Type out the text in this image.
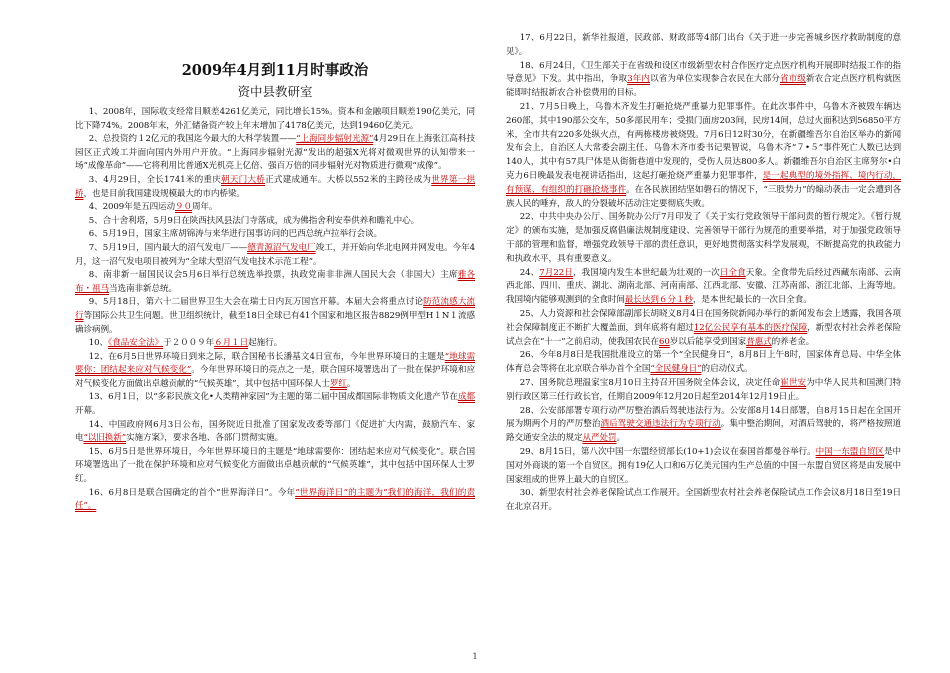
2009年4月到11月时事政治
资中县教研室

1、2008年，国际收支经常目顺差4261亿美元，同比增长15%。资本和金融项目顺差190亿美元，同比下降74%。2008年末，外汇储备资产较上年末增加了4178亿美元，达到19460亿美元。

2、总投资约１2亿元的我国迄今最大的大科学装置——“上海同步辐射光源”4月29日在上海张江高科技园区正式竣工并面向国内外用户开放。“上海同步辐射光源”发出的超强X光将对微观世界的认知带来一场“成像革命”——它将利用比普通X光机亮上亿倍、强百万倍的同步辐射光对物质进行微观“成像”。

3、4月29日，全长1741米的重庆朝天门大桥正式建成通车。大桥以552米的主跨径成为世界第一拱桥，也是目前我国建设规模最大的市内桥梁。

4、2009年是五四运动９０周年。

5、合十舍利塔，5月9日在陕西扶风县法门寺落成，成为佛指舍利安奉供养和瞻礼中心。

6、5月19日，国家主席胡锦涛与来华进行国事访问的巴西总统卢拉举行会谈。

7、5月19日，国内最大的沼气发电厂——德青源沼气发电厂竣工，并开始向华北电网并网发电。今年4月，这一沼气发电项目被列为“全球大型沼气发电技术示范工程”。

8、南非新一届国民议会5月6日举行总统选举投票，执政党南非非洲人国民大会（非国大）主席雅各布・祖马当选南非新总统。

9、5月18日，第六十二届世界卫生大会在瑞士日内瓦万国宫开幕。本届大会将重点讨论防范流感大流行等国际公共卫生问题。世卫组织统计，截至18日全球已有41个国家和地区报告8829例甲型H１N１流感确诊病例。

10、《食品安全法》于２００９年６月１日起施行。

12、在6月5日世界环境日到来之际，联合国秘书长潘基文4日宣布，今年世界环境日的主题是“地球需要你：团结起来应对气候变化”。今年世界环境日的亮点之一是，联合国环境署选出了一批在保护环境和应对气候变化方面做出卓越贡献的“气候英雄”，其中包括中国环保人士罗红。

13、6月1日，以“多彩民族文化•人类精神家园”为主题的第二届中国成都国际非物质文化遗产节在成都开幕。

14、中国政府网6月3日公布，国务院近日批准了国家发改委等部门《促进扩大内需，鼓励汽车、家电“以旧换新”实施方案》，要求各地、各部门贯彻实施。

15、6月5日是世界环境日，今年世界环境日的主题是“地球需要你：团结起来应对气候变化”。联合国环境署选出了一批在保护环境和应对气候变化方面做出卓越贡献的“气候英雄”，其中包括中国环保人士罗红。

16、6月8日是联合国确定的首个“世界海洋日”。今年“世界海洋日”的主题为“我们的海洋，我们的责任”。

17、6月22日，新华社报道，民政部、财政部等4部门出台《关于进一步完善城乡医疗救助制度的意见》。

18、6月24日，《卫生部关于在省级和设区市级新型农村合作医疗定点医疗机构开展即时结报工作的指导意见》下发。其中指出，争取3年内以省为单位实现参合农民在大部分省市级新农合定点医疗机构就医能即时结报新农合补偿费用的目标。

21、7月5日晚上，乌鲁木齐发生打砸抢烧严重暴力犯罪事件。在此次事件中，乌鲁木齐被毁车辆达260部，其中190部公交车，50多部民用车；受损门面房203间，民房14间，总过火面积达到56850平方米，全市共有220多处纵火点，有两栋楼房被烧毁。7月6日12时30分，在新疆维吾尔自治区举办的新闻发布会上，自治区人大常委会副主任、乌鲁木齐市委书记栗智说，乌鲁木齐“７•５”事件死亡人数已达到140人，其中有57具尸体是从街衙巷道中发现的，受伤人员达800多人。新疆维吾尔自治区主席努尔•白克力6日晚最发表电视讲话指出，这起打砸抢烧严重暴力犯罪事件，是一起典型的境外指挥、境内行动，有预谋、有组织的打砸抢烧事件。在各民族团结坚如磐石的情况下，“三股势力”的煽动袭击一定会遭到各族人民的唾弃，敌人的分裂破坏活动注定要彻底失败。

22、中共中央办公厅、国务院办公厅7月印发了《关于实行党政领导干部问责的暂行规定》。《暂行规定》的颁布实施，是加强反腐倡廉法规制度建设、完善领导干部行为规范的重要举措，对于加强党政领导干部的管理和监督，增强党政领导干部的责任意识，更好地贯彻落实科学发展观，不断提高党的执政能力和执政水平，具有重要意义。

24、7月22日，我国境内发生本世纪最为壮观的一次日全食天象。全食带先后经过西藏东南部、云南西北部、四川、重庆、湖北、湖南北部、河南南部、江西北部、安徽、江苏南部、浙江北部、上海等地。我国境内能够观测到的全食时间最长达到６分１秒，是本世纪最长的一次日全食。

25、人力资源和社会保障部副部长胡晓义8月4日在国务院新闻办举行的新闻发布会上透露，我国各项社会保障制度正不断扩大覆盖面，到年底将有超过12亿公民享有基本的医疗保障，新型农村社会养老保险试点会在“十一”之前启动，使我国农民在60岁以后能享受到国家普惠式的养老金。

26、今年8月8日是我国批准设立的第一个“全民健身日”，8月8日上午8时，国家体育总局、中华全体体育总会等将在北京联合举办首个全国“全民健身日”的启动仪式。

27、国务院总理温家宝8月10日主持召开国务院全体会议，决定任命崔世安为中华人民共和国澳门特别行政区第三任行政长官，任期自2009年12月20日起至2014年12月19日止。

28、公安部部署专项行动严厉整治酒后驾驶违法行为。公安部8月14日部署，自8月15日起在全国开展为期两个月的严厉整治酒后驾驶交通违法行为专项行动。集中整治期间，对酒后驾驶的，将严格按照道路交通安全法的规定从严处罚。

29、8月15日，第八次中国一东盟经贸部长(10+1)会议在泰国首都曼谷举行。中国一东盟自贸区是中国对外商谈的第一个自贸区。拥有19亿人口和6万亿美元国内生产总值的中国一东盟自贸区将是由发展中国家组成的世界上最大的自贸区。

30、新型农村社会养老保险试点工作展开。全国新型农村社会养老保险试点工作会议8月18日至19日在北京召开。

1
